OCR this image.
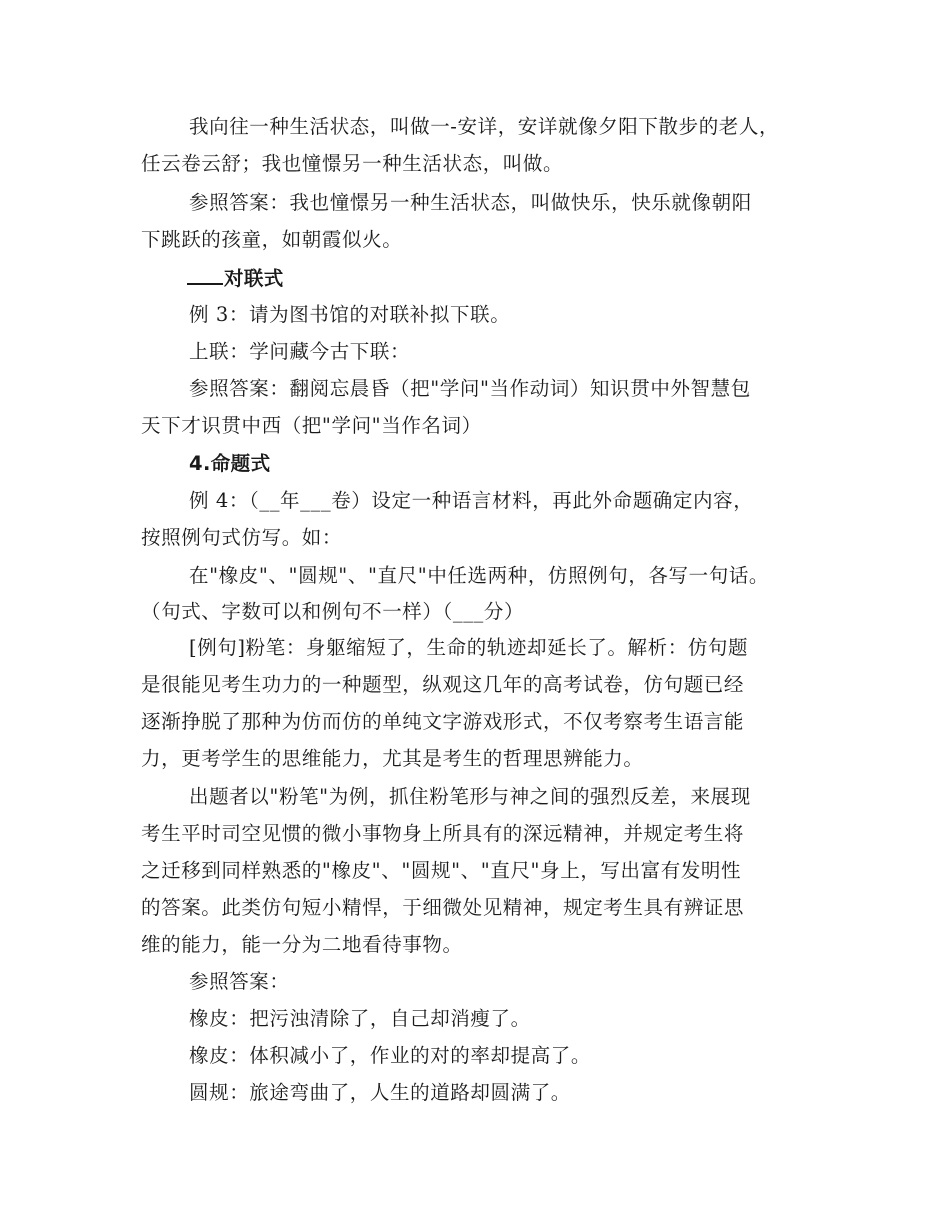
我向往一种生活状态，叫做一-安详，安详就像夕阳下散步的老人，
任云卷云舒；我也憧憬另一种生活状态，叫做。
参照答案：我也憧憬另一种生活状态，叫做快乐，快乐就像朝阳
下跳跃的孩童，如朝霞似火。
对联式
例 3：请为图书馆的对联补拟下联。
上联：学问藏今古下联：
参照答案：翻阅忘晨昏（把"学问"当作动词）知识贯中外智慧包
天下才识贯中西（把"学问"当作名词）
4.命题式
例 4：（__年___卷）设定一种语言材料，再此外命题确定内容，
按照例句式仿写。如：
在"橡皮"、"圆规"、"直尺"中任选两种，仿照例句，各写一句话。
（句式、字数可以和例句不一样）（___分）
[例句]粉笔：身躯缩短了，生命的轨迹却延长了。解析：仿句题
是很能见考生功力的一种题型，纵观这几年的高考试卷，仿句题已经
逐渐挣脱了那种为仿而仿的单纯文字游戏形式，不仅考察考生语言能
力，更考学生的思维能力，尤其是考生的哲理思辨能力。
出题者以"粉笔"为例，抓住粉笔形与神之间的强烈反差，来展现
考生平时司空见惯的微小事物身上所具有的深远精神，并规定考生将
之迁移到同样熟悉的"橡皮"、"圆规"、"直尺"身上，写出富有发明性
的答案。此类仿句短小精悍，于细微处见精神，规定考生具有辨证思
维的能力，能一分为二地看待事物。
参照答案：
橡皮：把污浊清除了，自己却消瘦了。
橡皮：体积减小了，作业的对的率却提高了。
圆规：旅途弯曲了，人生的道路却圆满了。
